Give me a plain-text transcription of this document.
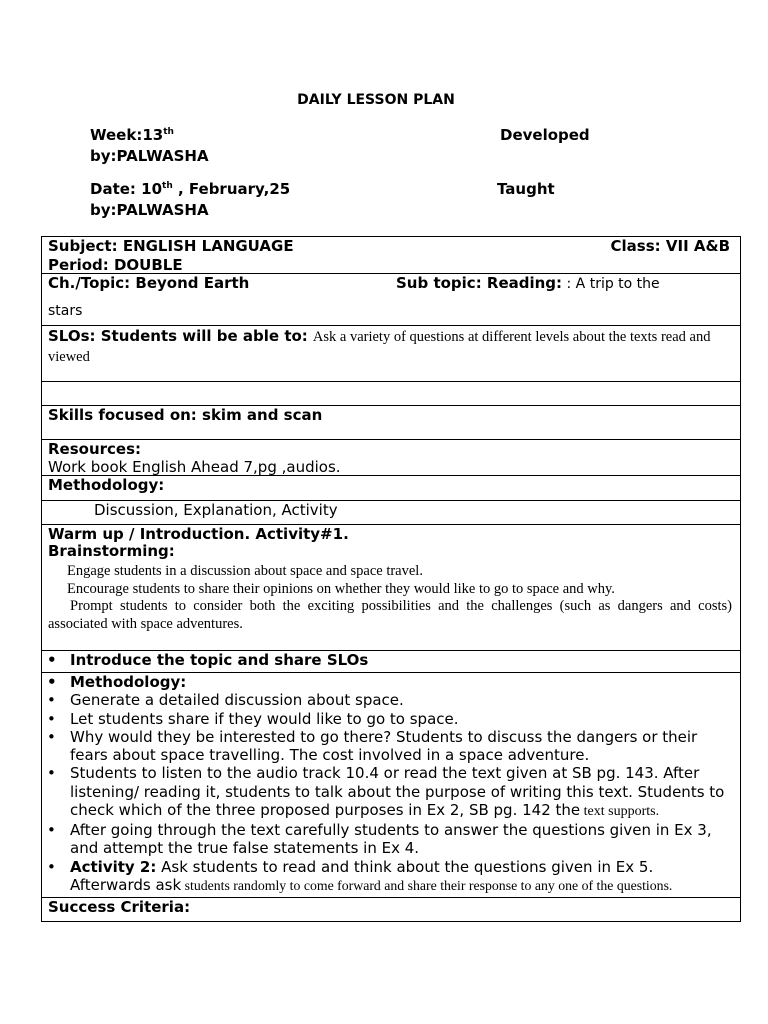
DAILY LESSON PLAN
Week:13th	Developed
by:PALWASHA
Date: 10th , February,25	Taught
by:PALWASHA
Subject: ENGLISH LANGUAGE	Class: VII A&B
Period: DOUBLE
Ch./Topic: Beyond Earth	Sub topic: Reading: : A trip to the
stars
SLOs: Students will be able to: Ask a variety of questions at different levels about the texts read and viewed
Skills focused on: skim and scan
Resources:
Work book English Ahead 7,pg ,audios.
Methodology:
Discussion, Explanation, Activity
Warm up / Introduction. Activity#1.
Brainstorming:
Engage students in a discussion about space and space travel.
Encourage students to share their opinions on whether they would like to go to space and why.
Prompt students to consider both the exciting possibilities and the challenges (such as dangers and costs) associated with space adventures.
• Introduce the topic and share SLOs
• Methodology:
• Generate a detailed discussion about space.
• Let students share if they would like to go to space.
• Why would they be interested to go there? Students to discuss the dangers or their fears about space travelling. The cost involved in a space adventure.
• Students to listen to the audio track 10.4 or read the text given at SB pg. 143. After listening/ reading it, students to talk about the purpose of writing this text. Students to check which of the three proposed purposes in Ex 2, SB pg. 142 the text supports.
• After going through the text carefully students to answer the questions given in Ex 3, and attempt the true false statements in Ex 4.
• Activity 2: Ask students to read and think about the questions given in Ex 5.
Afterwards ask students randomly to come forward and share their response to any one of the questions.
Success Criteria:
